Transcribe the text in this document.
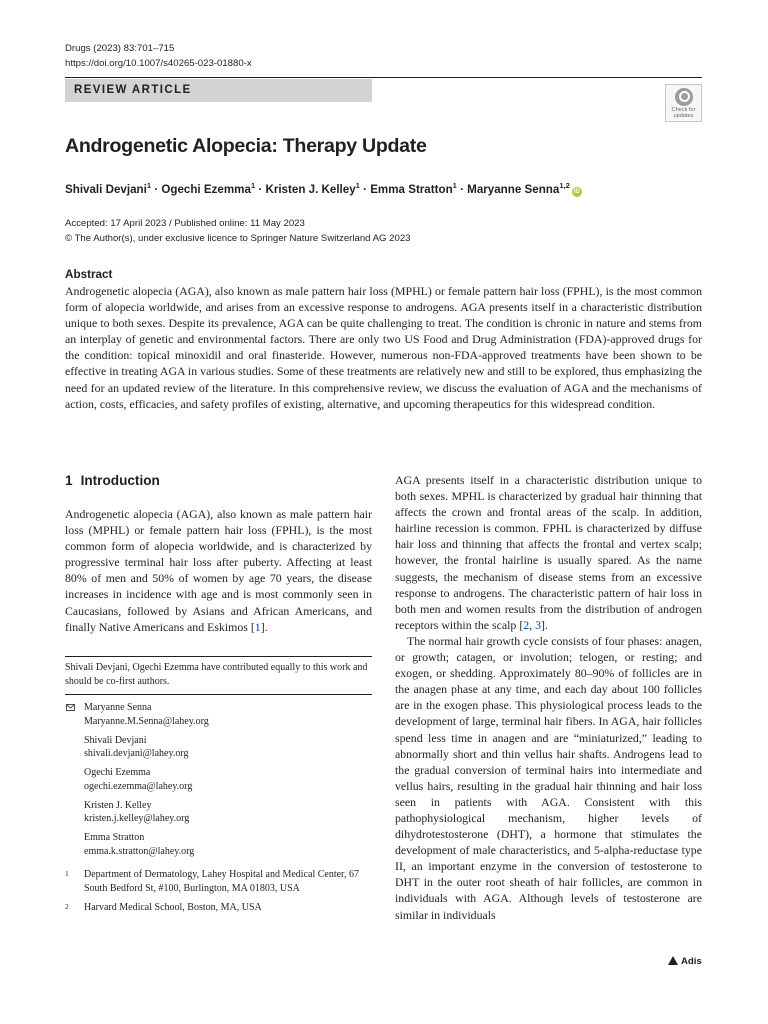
Drugs (2023) 83:701–715
https://doi.org/10.1007/s40265-023-01880-x
REVIEW ARTICLE
Check for
updates
Androgenetic Alopecia: Therapy Update
Shivali Devjani$^1$ · Ogechi Ezemma$^1$ · Kristen J. Kelley$^1$ · Emma Stratton$^1$ · Maryanne Senna$^{1,2}$iD
Accepted: 17 April 2023 / Published online: 11 May 2023
© The Author(s), under exclusive licence to Springer Nature Switzerland AG 2023
Abstract
Androgenetic alopecia (AGA), also known as male pattern hair loss (MPHL) or female pattern hair loss (FPHL), is the most common form of alopecia worldwide, and arises from an excessive response to androgens. AGA presents itself in a characteristic distribution unique to both sexes. Despite its prevalence, AGA can be quite challenging to treat. The condition is chronic in nature and stems from an interplay of genetic and environmental factors. There are only two US Food and Drug Administration (FDA)-approved drugs for the condition: topical minoxidil and oral finasteride. However, numerous non-FDA-approved treatments have been shown to be effective in treating AGA in various studies. Some of these treatments are relatively new and still to be explored, thus emphasizing the need for an updated review of the literature. In this comprehensive review, we discuss the evaluation of AGA and the mechanisms of action, costs, efficacies, and safety profiles of existing, alternative, and upcoming therapeutics for this widespread condition.
1 Introduction

Androgenetic alopecia (AGA), also known as male pattern hair loss (MPHL) or female pattern hair loss (FPHL), is the most common form of alopecia worldwide, and is characterized by progressive terminal hair loss after puberty. Affecting at least 80% of men and 50% of women by age 70 years, the disease increases in incidence with age and is most commonly seen in Caucasians, followed by Asians and African Americans, and finally Native Americans and Eskimos [1].

AGA presents itself in a characteristic distribution unique to both sexes. MPHL is characterized by gradual hair thinning that affects the crown and frontal areas of the scalp. In addition, hairline recession is common. FPHL is characterized by diffuse hair loss and thinning that affects the frontal and vertex scalp; however, the frontal hairline is usually spared. As the name suggests, the mechanism of disease stems from an excessive response to androgens. The characteristic pattern of hair loss in both men and women results from the distribution of androgen receptors within the scalp [2, 3].

The normal hair growth cycle consists of four phases: anagen, or growth; catagen, or involution; telogen, or resting; and exogen, or shedding. Approximately 80–90% of follicles are in the anagen phase at any time, and each day about 100 follicles are in the exogen phase. This physiological process leads to the development of large, terminal hair fibers. In AGA, hair follicles spend less time in anagen and are “miniaturized,” leading to abnormally short and thin vellus hair shafts. Androgens lead to the gradual conversion of terminal hairs into intermediate and vellus hairs, resulting in the gradual hair thinning and hair loss seen in patients with AGA. Consistent with this pathophysiological mechanism, higher levels of dihydrotestosterone (DHT), a hormone that stimulates the development of male characteristics, and 5-alpha-reductase type II, an important enzyme in the conversion of testosterone to DHT in the outer root sheath of hair follicles, are common in individuals with AGA. Although levels of testosterone are similar in individuals

Shivali Devjani, Ogechi Ezemma have contributed equally to this work and should be co-first authors.
Maryanne Senna
Maryanne.M.Senna@lahey.org
Shivali Devjani
shivali.devjani@lahey.org
Ogechi Ezemma
ogechi.ezemma@lahey.org
Kristen J. Kelley
kristen.j.kelley@lahey.org
Emma Stratton
emma.k.stratton@lahey.org
1	Department of Dermatology, Lahey Hospital and Medical Center, 67 South Bedford St, #100, Burlington, MA 01803, USA
2	Harvard Medical School, Boston, MA, USA
Adis
